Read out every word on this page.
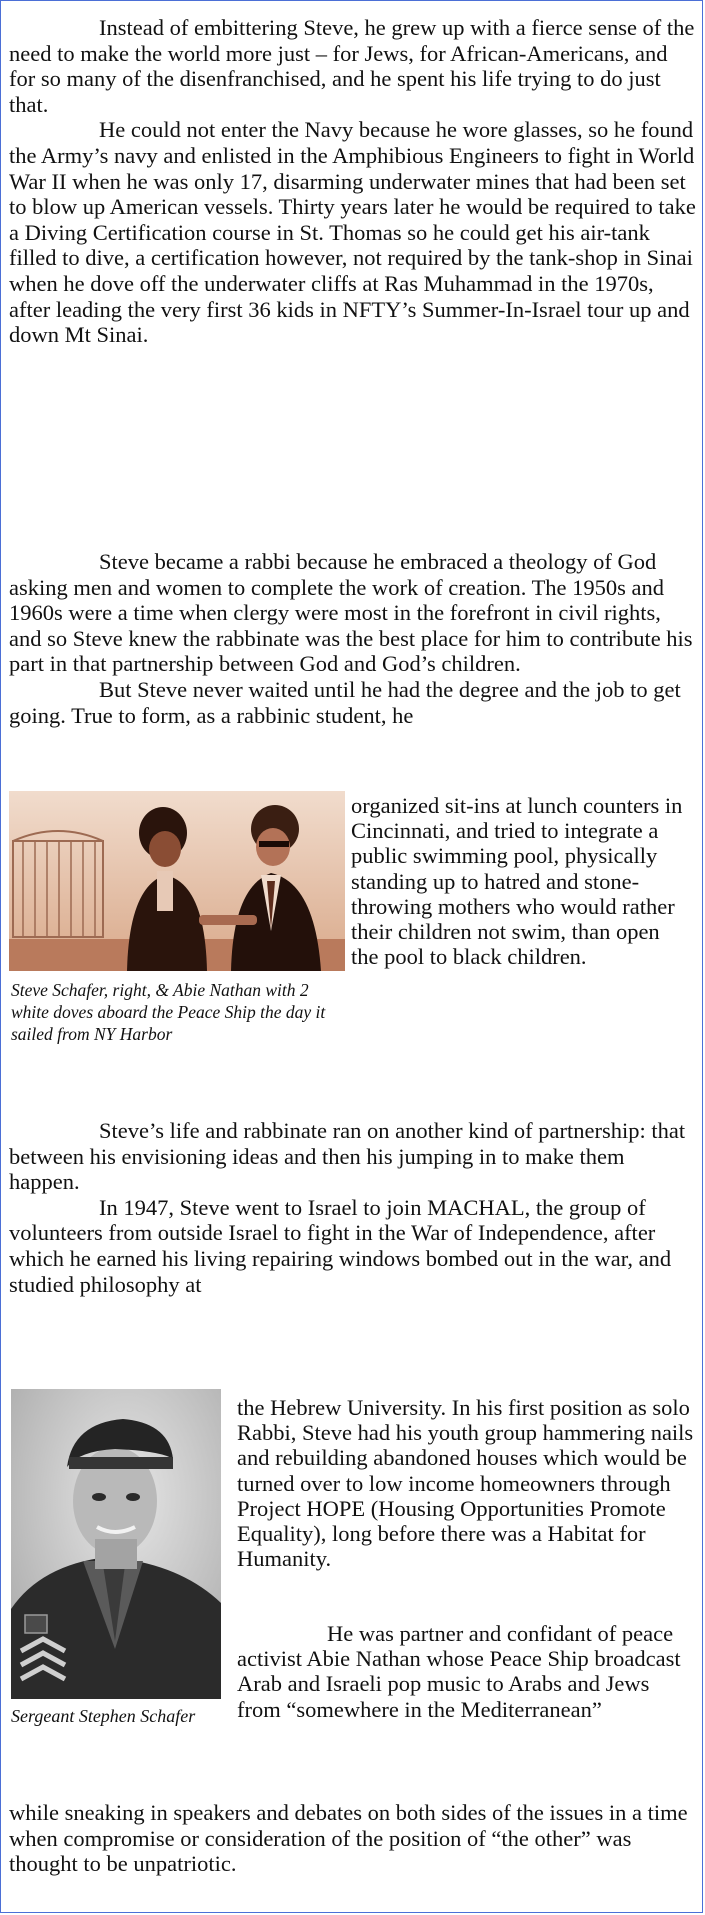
Instead of embittering Steve, he grew up with a fierce sense of the need to make the world more just – for Jews, for African-Americans, and for so many of the disenfranchised, and he spent his life trying to do just that.

He could not enter the Navy because he wore glasses, so he found the Army’s navy and enlisted in the Amphibious Engineers to fight in World War II when he was only 17, disarming underwater mines that had been set to blow up American vessels. Thirty years later he would be required to take a Diving Certification course in St. Thomas so he could get his air-tank filled to dive, a certification however, not required by the tank-shop in Sinai when he dove off the underwater cliffs at Ras Muhammad in the 1970s, after leading the very first 36 kids in NFTY’s Summer-In-Israel tour up and down Mt Sinai.

Steve became a rabbi because he embraced a theology of God asking men and women to complete the work of creation. The 1950s and 1960s were a time when clergy were most in the forefront in civil rights, and so Steve knew the rabbinate was the best place for him to contribute his part in that partnership between God and God’s children.

But Steve never waited until he had the degree and the job to get going. True to form, as a rabbinic student, he

Steve Schafer, right, & Abie Nathan with 2 white doves aboard the Peace Ship the day it sailed from NY Harbor
organized sit-ins at lunch counters in Cincinnati, and tried to integrate a public swimming pool, physically standing up to hatred and stone-throwing mothers who would rather their children not swim, than open the pool to black children.

Steve’s life and rabbinate ran on another kind of partnership: that between his envisioning ideas and then his jumping in to make them happen.

In 1947, Steve went to Israel to join MACHAL, the group of volunteers from outside Israel to fight in the War of Independence, after which he earned his living repairing windows bombed out in the war, and studied philosophy at

Sergeant Stephen Schafer
the Hebrew University. In his first position as solo Rabbi, Steve had his youth group hammering nails and rebuilding abandoned houses which would be turned over to low income homeowners through Project HOPE (Housing Opportunities Promote Equality), long before there was a Habitat for Humanity.
He was partner and confidant of peace activist Abie Nathan whose Peace Ship broadcast Arab and Israeli pop music to Arabs and Jews from “somewhere in the Mediterranean”

while sneaking in speakers and debates on both sides of the issues in a time when compromise or consideration of the position of “the other” was thought to be unpatriotic.
